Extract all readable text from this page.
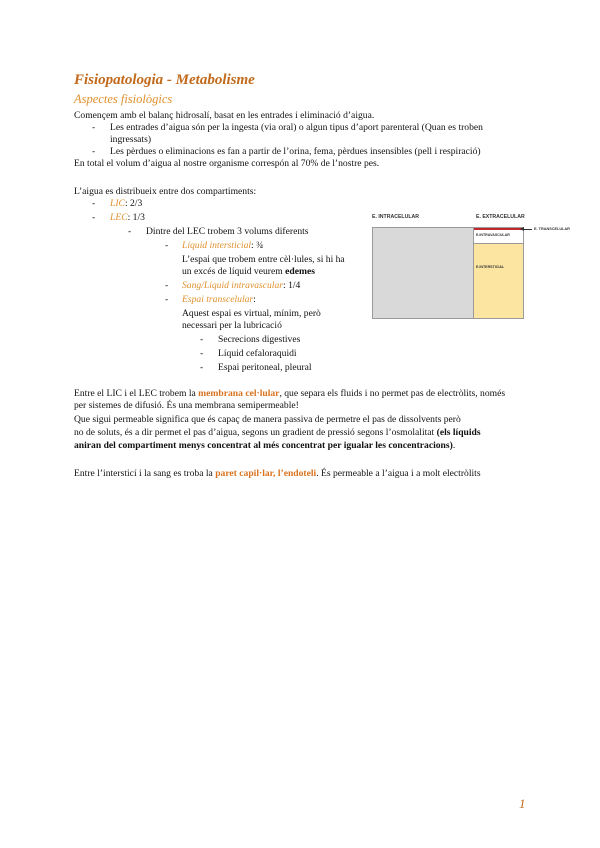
Fisiopatologia - Metabolisme
Aspectes fisiològics
Començem amb el balanç hidrosalí, basat en les entrades i eliminació d’aigua.
- Les entrades d’aigua són per la ingesta (via oral) o algun tipus d’aport parenteral (Quan es troben
ingressats)
- Les pèrdues o eliminacions es fan a partir de l’orina, fema, pèrdues insensibles (pell i respiració)
En total el volum d’aigua al nostre organisme correspón al 70% de l’nostre pes.
L’aigua es distribueix entre dos compartiments:
- LIC: 2/3
- LEC: 1/3
- Dintre del LEC trobem 3 volums diferents
- Líquid intersticial: ¾
L’espai que trobem entre cèl·lules, si hi ha
un excés de líquid veurem edemes
- Sang/Líquid intravascular: 1/4
- Espai transcelular:
Aquest espai es virtual, mínim, però
necessari per la lubricació
- Secrecions digestives
- Líquid cefaloraquidi
- Espai peritoneal, pleural
Entre el LIC i el LEC trobem la membrana cel·lular, que separa els fluids i no permet pas de electròlits, només
per sistemes de difusió. És una membrana semipermeable!
Que sigui permeable significa que és capaç de manera passiva de permetre el pas de dissolvents però
no de soluts, és a dir permet el pas d’aigua, segons un gradient de pressió segons l’osmolalitat (els líquids
aniran del compartiment menys concentrat al més concentrat per igualar les concentracions).
Entre l’intersticí i la sang es troba la paret capil·lar, l’endoteli. És permeable a l’aigua i a molt electròlits
E. INTRACELULAR	E. EXTRACELULAR
E.INTRAVASCULAR
E.INTERSTICIAL
E. TRANSCELULAR
1
